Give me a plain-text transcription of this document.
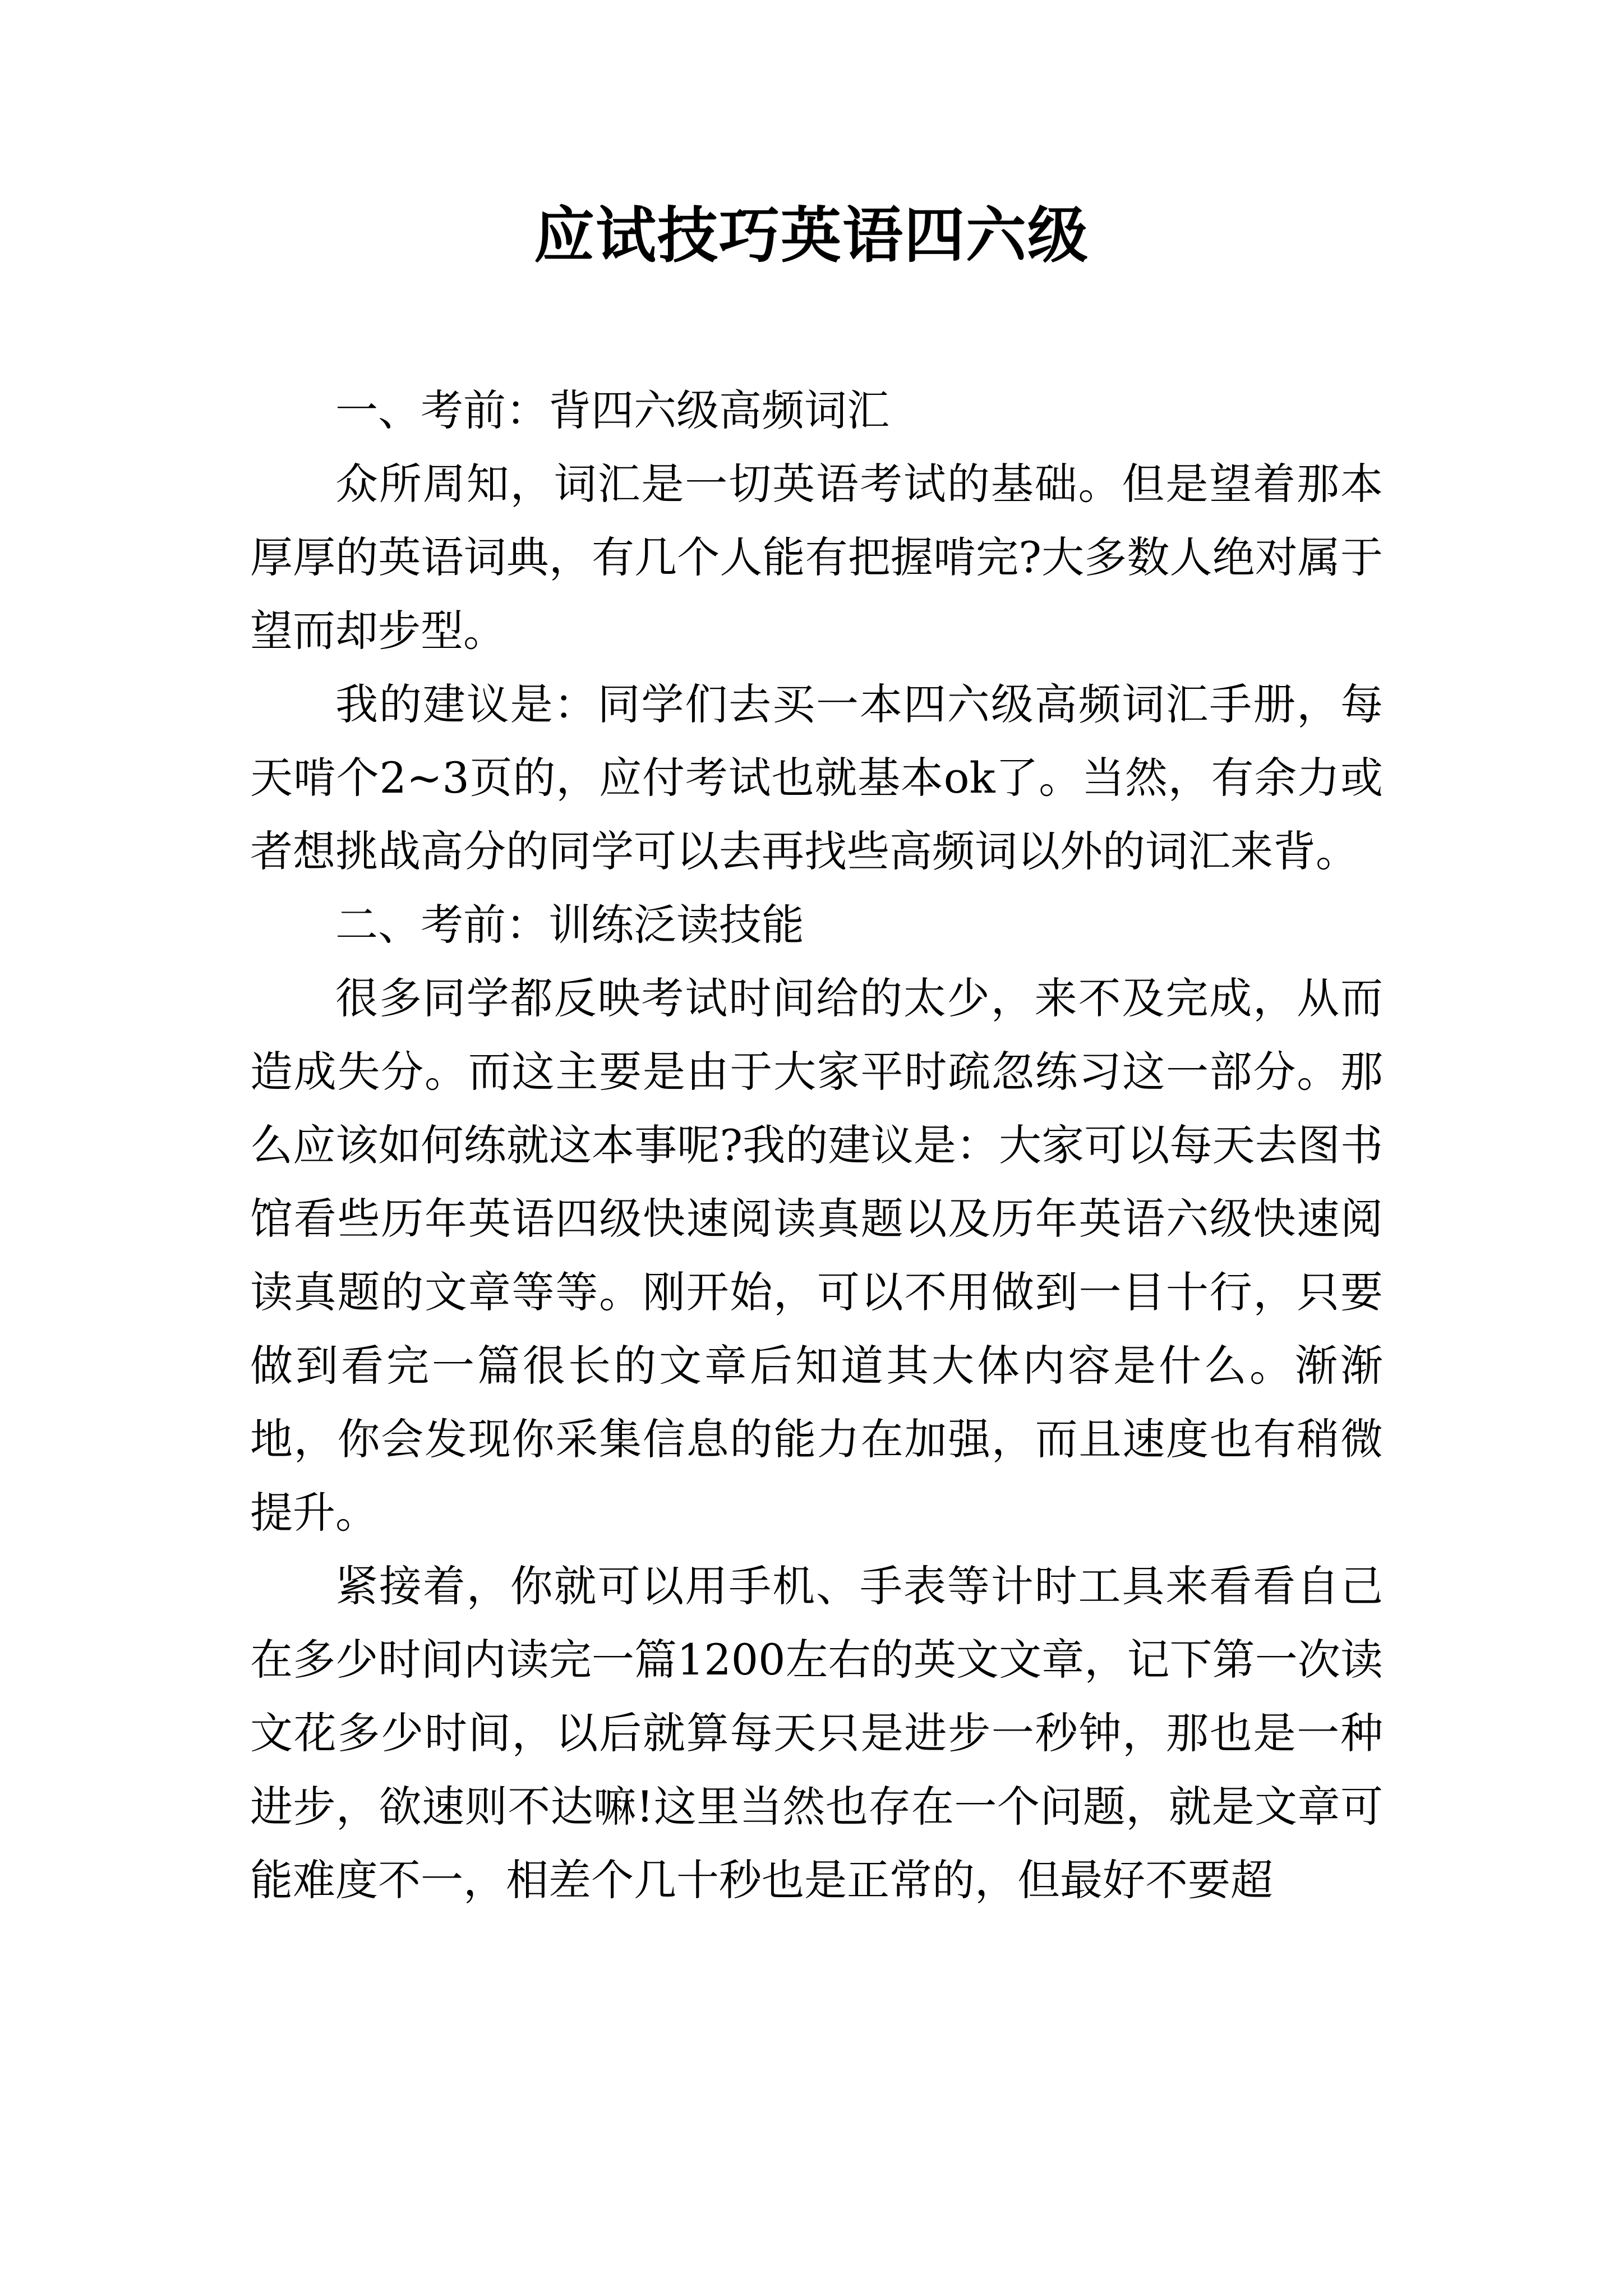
应试技巧英语四六级

一、考前：背四六级高频词汇

众所周知，词汇是一切英语考试的基础。但是望着那本厚厚的英语词典，有几个人能有把握啃完?大多数人绝对属于望而却步型。

我的建议是：同学们去买一本四六级高频词汇手册，每天啃个2~3页的，应付考试也就基本ok了。当然，有余力或者想挑战高分的同学可以去再找些高频词以外的词汇来背。

二、考前：训练泛读技能

很多同学都反映考试时间给的太少，来不及完成，从而造成失分。而这主要是由于大家平时疏忽练习这一部分。那么应该如何练就这本事呢?我的建议是：大家可以每天去图书馆看些历年英语四级快速阅读真题以及历年英语六级快速阅读真题的文章等等。刚开始，可以不用做到一目十行，只要做到看完一篇很长的文章后知道其大体内容是什么。渐渐地，你会发现你采集信息的能力在加强，而且速度也有稍微提升。

紧接着，你就可以用手机、手表等计时工具来看看自己在多少时间内读完一篇1200左右的英文文章，记下第一次读文花多少时间，以后就算每天只是进步一秒钟，那也是一种进步，欲速则不达嘛!这里当然也存在一个问题，就是文章可能难度不一，相差个几十秒也是正常的，但最好不要超
